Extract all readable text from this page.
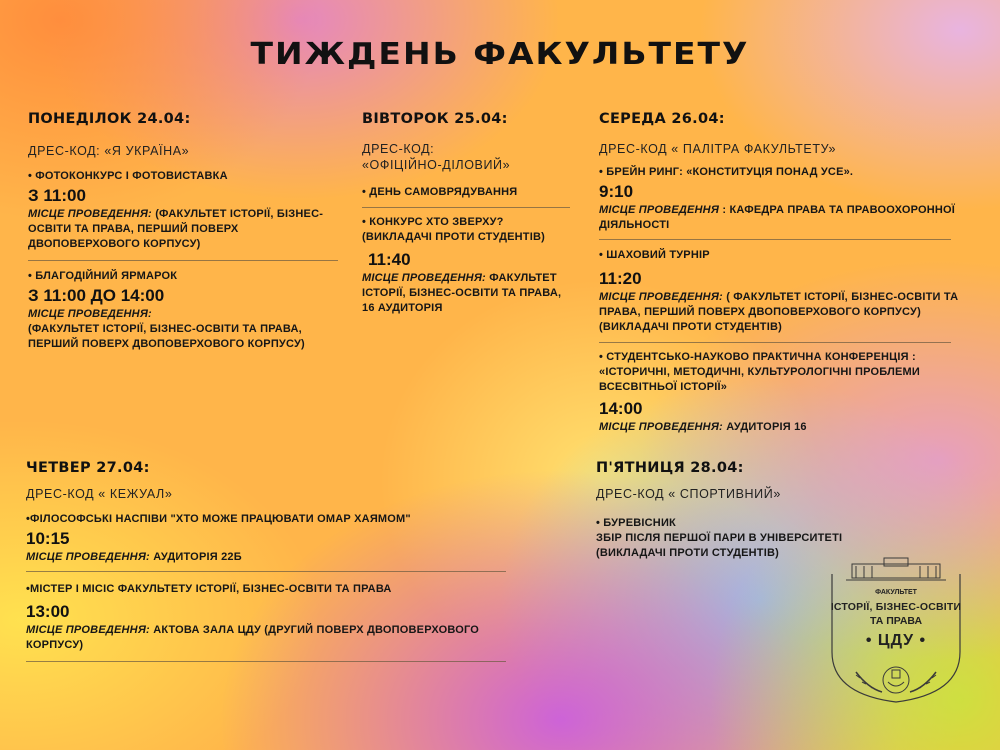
ТИЖДЕНЬ ФАКУЛЬТЕТУ
ПОНЕДІЛОК 24.04:
ДРЕС-КОД: «Я УКРАЇНА»
• ФОТОКОНКУРС І ФОТОВИСТАВКА
З 11:00
МІСЦЕ ПРОВЕДЕННЯ: (ФАКУЛЬТЕТ ІСТОРІЇ, БІЗНЕС-ОСВІТИ ТА ПРАВА, ПЕРШИЙ ПОВЕРХ ДВОПОВЕРХОВОГО КОРПУСУ)
• БЛАГОДІЙНИЙ ЯРМАРОК
З 11:00 ДО 14:00
МІСЦЕ ПРОВЕДЕННЯ:
(ФАКУЛЬТЕТ ІСТОРІЇ, БІЗНЕС-ОСВІТИ ТА ПРАВА, ПЕРШИЙ ПОВЕРХ ДВОПОВЕРХОВОГО КОРПУСУ)
ВІВТОРОК 25.04:
ДРЕС-КОД:
«ОФІЦІЙНО-ДІЛОВИЙ»
• ДЕНЬ САМОВРЯДУВАННЯ
• КОНКУРС ХТО ЗВЕРХУ? (ВИКЛАДАЧІ ПРОТИ СТУДЕНТІВ)
11:40
МІСЦЕ ПРОВЕДЕННЯ: ФАКУЛЬТЕТ ІСТОРІЇ, БІЗНЕС-ОСВІТИ ТА ПРАВА, 16 АУДИТОРІЯ
СЕРЕДА 26.04:
ДРЕС-КОД « ПАЛІТРА ФАКУЛЬТЕТУ»
• БРЕЙН РИНГ: «КОНСТИТУЦІЯ ПОНАД УСЕ».
9:10
МІСЦЕ ПРОВЕДЕННЯ : КАФЕДРА ПРАВА ТА ПРАВООХОРОННОЇ ДІЯЛЬНОСТІ
• ШАХОВИЙ ТУРНІР
11:20
МІСЦЕ ПРОВЕДЕННЯ: ( ФАКУЛЬТЕТ ІСТОРІЇ, БІЗНЕС-ОСВІТИ ТА ПРАВА, ПЕРШИЙ ПОВЕРХ ДВОПОВЕРХОВОГО КОРПУСУ) (ВИКЛАДАЧІ ПРОТИ СТУДЕНТІВ)
• СТУДЕНТСЬКО-НАУКОВО ПРАКТИЧНА КОНФЕРЕНЦІЯ : «ІСТОРИЧНІ, МЕТОДИЧНІ, КУЛЬТУРОЛОГІЧНІ ПРОБЛЕМИ ВСЕСВІТНЬОЇ ІСТОРІЇ»
14:00
МІСЦЕ ПРОВЕДЕННЯ: АУДИТОРІЯ 16
ЧЕТВЕР 27.04:
ДРЕС-КОД « КЕЖУАЛ»
•ФІЛОСОФСЬКІ НАСПІВИ "ХТО МОЖЕ ПРАЦЮВАТИ ОМАР ХАЯМОМ"
10:15
МІСЦЕ ПРОВЕДЕННЯ: АУДИТОРІЯ 22Б
•МІСТЕР І МІСІС ФАКУЛЬТЕТУ ІСТОРІЇ, БІЗНЕС-ОСВІТИ ТА ПРАВА
13:00
МІСЦЕ ПРОВЕДЕННЯ: АКТОВА ЗАЛА ЦДУ (ДРУГИЙ ПОВЕРХ ДВОПОВЕРХОВОГО КОРПУСУ)
П'ЯТНИЦЯ 28.04:
ДРЕС-КОД « СПОРТИВНИЙ»
• БУРЕВІСНИК
ЗБІР ПІСЛЯ ПЕРШОЇ ПАРИ В УНІВЕРСИТЕТІ
(ВИКЛАДАЧІ ПРОТИ СТУДЕНТІВ)
ФАКУЛЬТЕТ
ІСТОРІЇ, БІЗНЕС-ОСВІТИ
ТА ПРАВА
• ЦДУ •
